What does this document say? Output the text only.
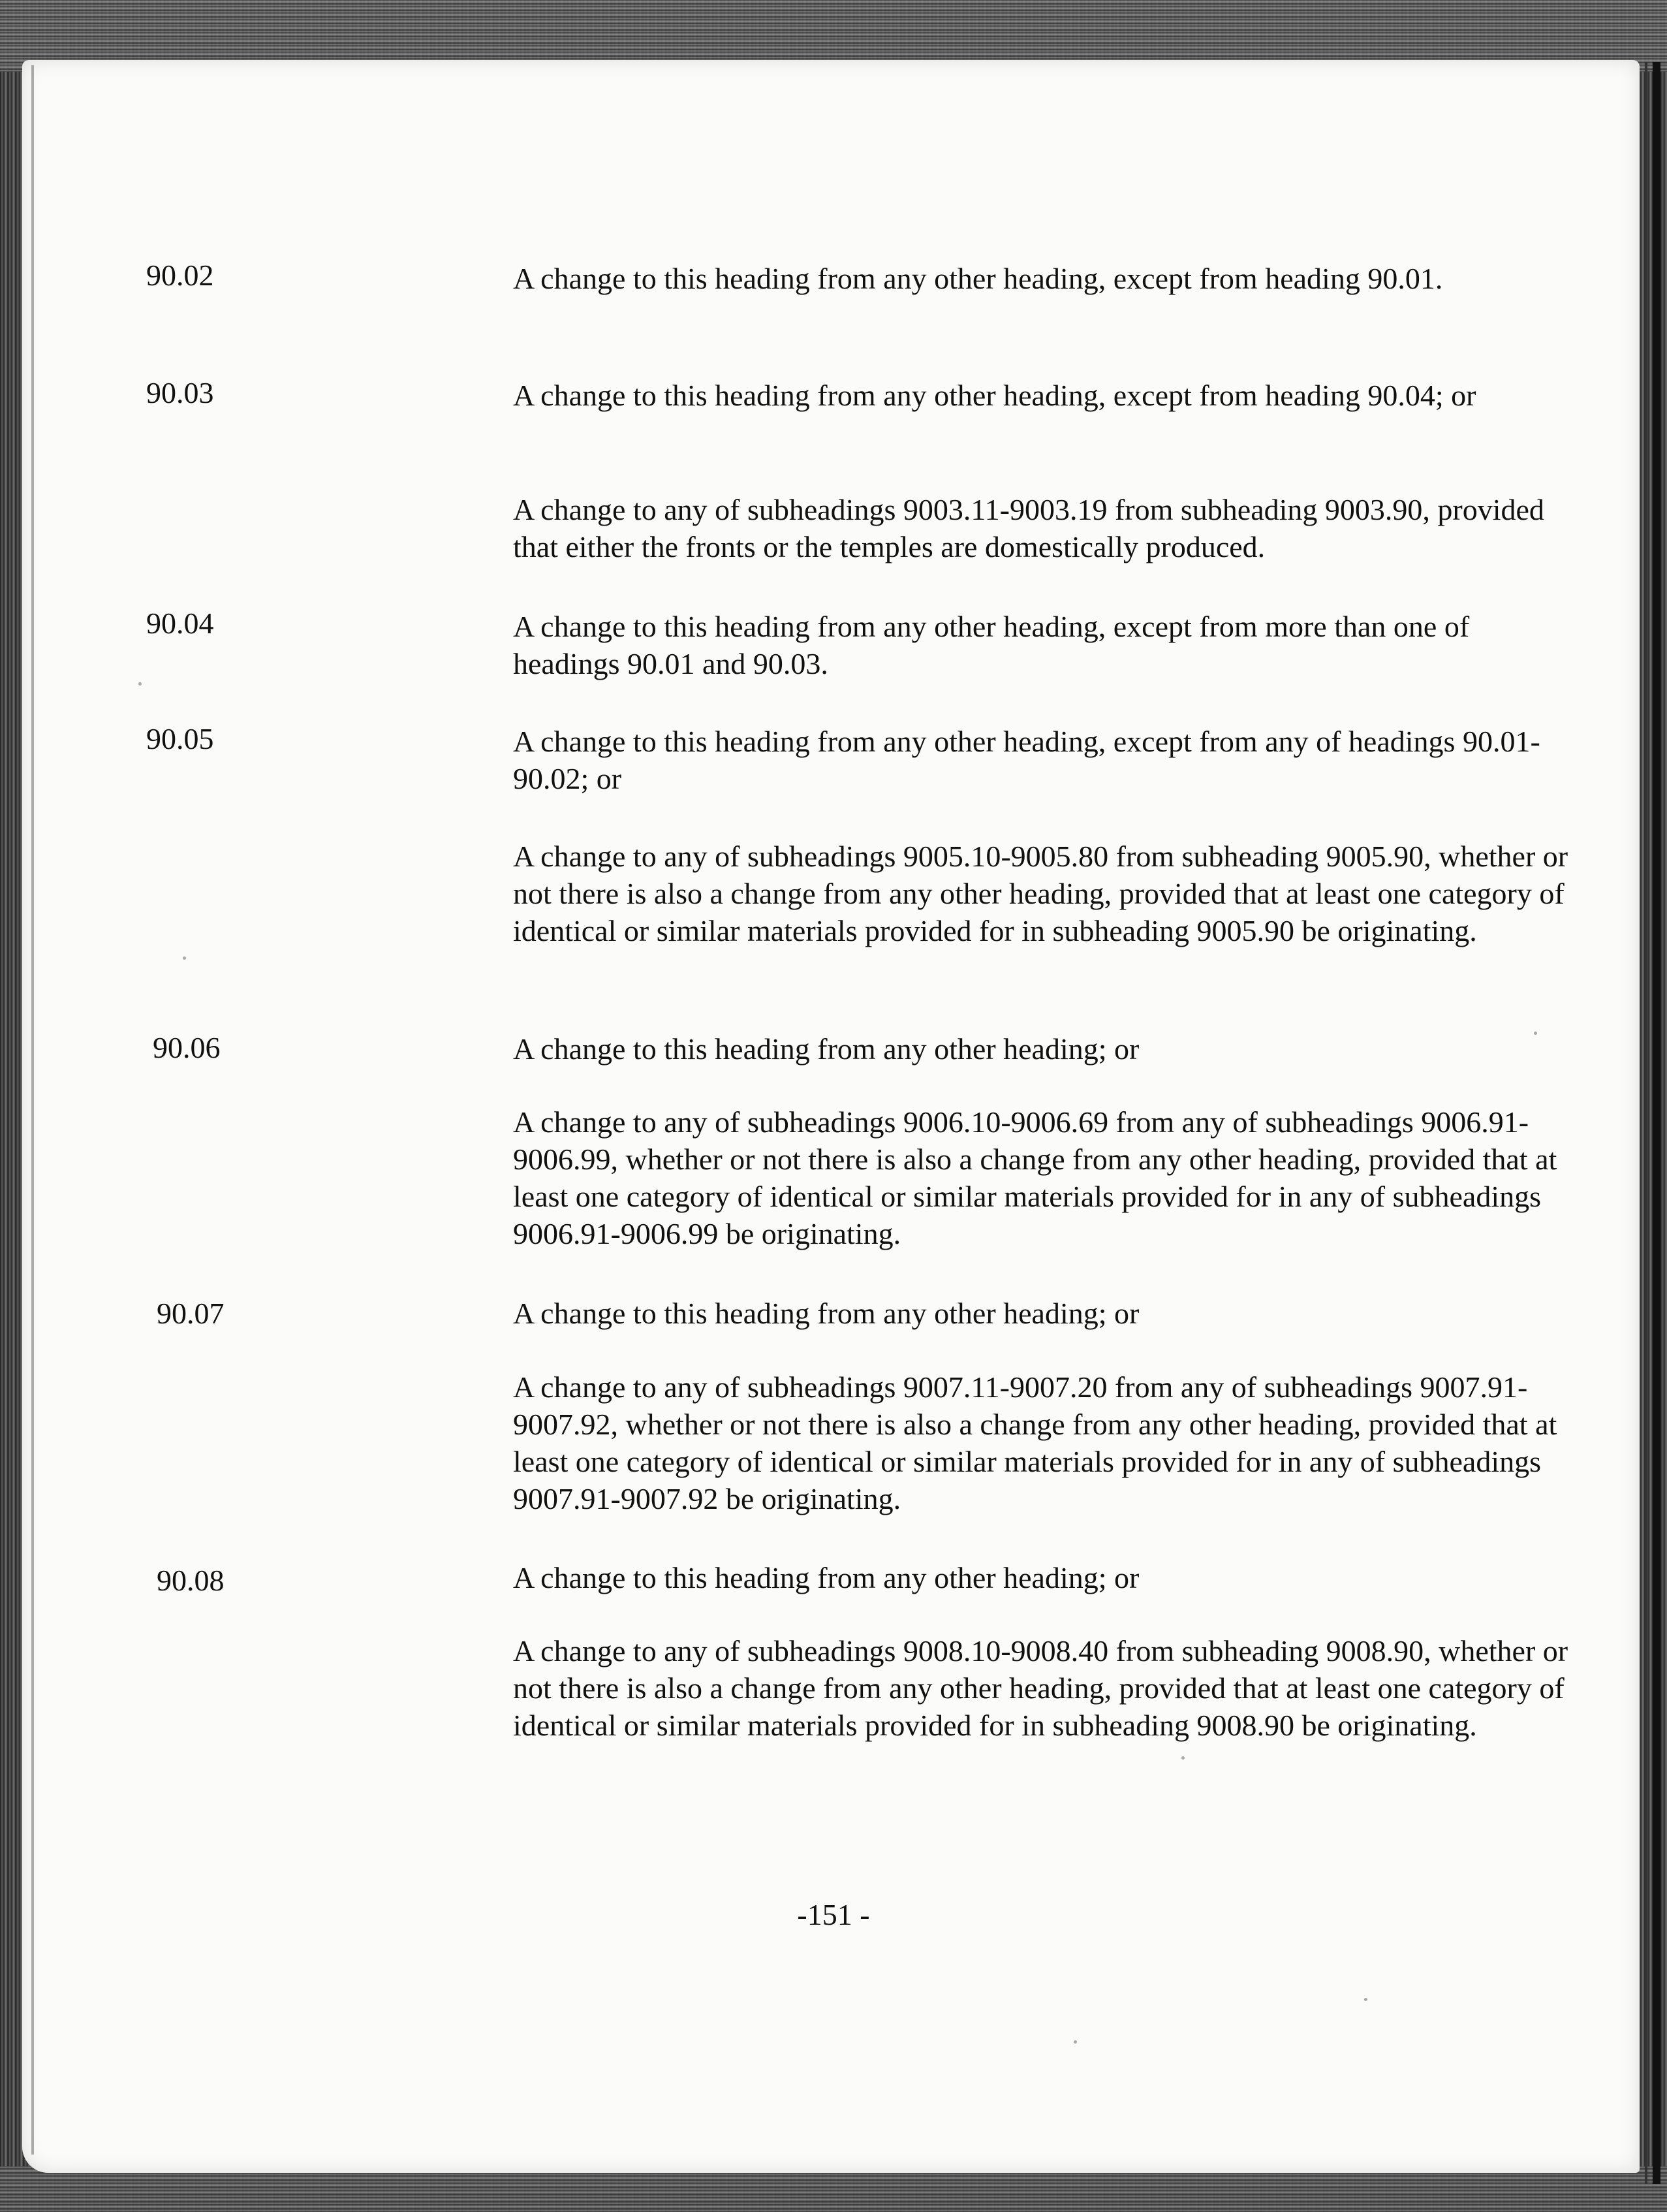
90.02	A change to this heading from any other heading, except from heading 90.01.

90.03	A change to this heading from any other heading, except from heading 90.04; or

A change to any of subheadings 9003.11-9003.19 from subheading 9003.90, provided that either the fronts or the temples are domestically produced.

90.04	A change to this heading from any other heading, except from more than one of headings 90.01 and 90.03.

90.05	A change to this heading from any other heading, except from any of headings 90.01-90.02; or

A change to any of subheadings 9005.10-9005.80 from subheading 9005.90, whether or not there is also a change from any other heading, provided that at least one category of identical or similar materials provided for in subheading 9005.90 be originating.

90.06	A change to this heading from any other heading; or

A change to any of subheadings 9006.10-9006.69 from any of subheadings 9006.91-9006.99, whether or not there is also a change from any other heading, provided that at least one category of identical or similar materials provided for in any of subheadings 9006.91-9006.99 be originating.

90.07	A change to this heading from any other heading; or

A change to any of subheadings 9007.11-9007.20 from any of subheadings 9007.91-9007.92, whether or not there is also a change from any other heading, provided that at least one category of identical or similar materials provided for in any of subheadings 9007.91-9007.92 be originating.

90.08	A change to this heading from any other heading; or

A change to any of subheadings 9008.10-9008.40 from subheading 9008.90, whether or not there is also a change from any other heading, provided that at least one category of identical or similar materials provided for in subheading 9008.90 be originating.

-151 -
